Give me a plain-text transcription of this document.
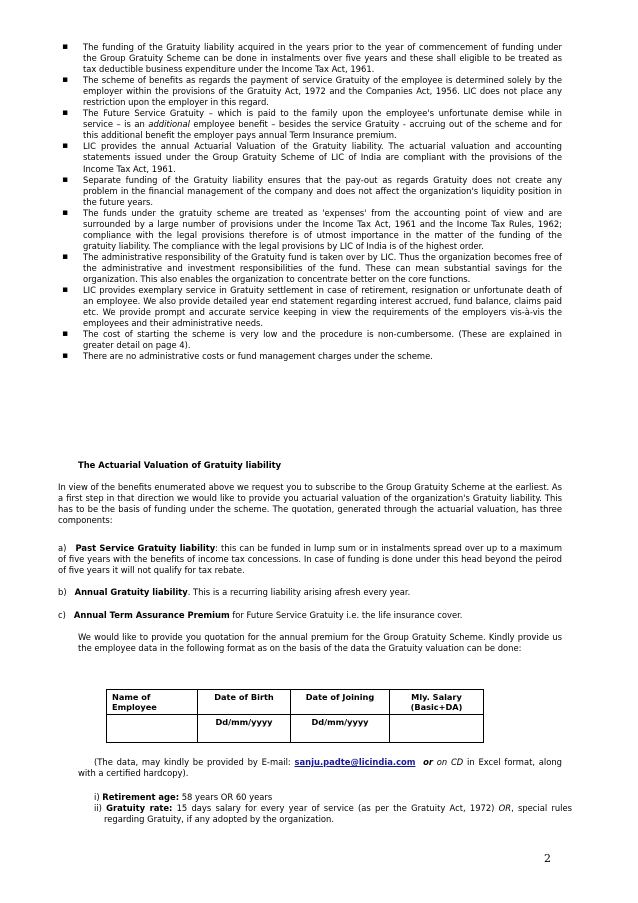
▪ The funding of the Gratuity liability acquired in the years prior to the year of commencement of funding under the Group Gratuity Scheme can be done in instalments over five years and these shall eligible to be treated as tax deductible business expenditure under the Income Tax Act, 1961.
▪ The scheme of benefits as regards the payment of service Gratuity of the employee is determined solely by the employer within the provisions of the Gratuity Act, 1972 and the Companies Act, 1956. LIC does not place any restriction upon the employer in this regard.
▪ The Future Service Gratuity – which is paid to the family upon the employee's unfortunate demise while in service – is an additional employee benefit – besides the service Gratuity - accruing out of the scheme and for this additional benefit the employer pays annual Term Insurance premium.
▪ LIC provides the annual Actuarial Valuation of the Gratuity liability. The actuarial valuation and accounting statements issued under the Group Gratuity Scheme of LIC of India are compliant with the provisions of the Income Tax Act, 1961.
▪ Separate funding of the Gratuity liability ensures that the pay-out as regards Gratuity does not create any problem in the financial management of the company and does not affect the organization's liquidity position in the future years.
▪ The funds under the gratuity scheme are treated as 'expenses' from the accounting point of view and are surrounded by a large number of provisions under the Income Tax Act, 1961 and the Income Tax Rules, 1962; compliance with the legal provisions therefore is of utmost importance in the matter of the funding of the gratuity liability. The compliance with the legal provisions by LIC of India is of the highest order.
▪ The administrative responsibility of the Gratuity fund is taken over by LIC. Thus the organization becomes free of the administrative and investment responsibilities of the fund. These can mean substantial savings for the organization. This also enables the organization to concentrate better on the core functions.
▪ LIC provides exemplary service in Gratuity settlement in case of retirement, resignation or unfortunate death of an employee. We also provide detailed year end statement regarding interest accrued, fund balance, claims paid etc. We provide prompt and accurate service keeping in view the requirements of the employers vis-à-vis the employees and their administrative needs.
▪ The cost of starting the scheme is very low and the procedure is non-cumbersome. (These are explained in greater detail on page 4).
▪ There are no administrative costs or fund management charges under the scheme.
The Actuarial Valuation of Gratuity liability
In view of the benefits enumerated above we request you to subscribe to the Group Gratuity Scheme at the earliest. As a first step in that direction we would like to provide you actuarial valuation of the organization's Gratuity liability. This has to be the basis of funding under the scheme. The quotation, generated through the actuarial valuation, has three components:
a) Past Service Gratuity liability: this can be funded in lump sum or in instalments spread over up to a maximum of five years with the benefits of income tax concessions. In case of funding is done under this head beyond the peirod of five years it will not qualify for tax rebate.
b) Annual Gratuity liability. This is a recurring liability arising afresh every year.
c) Annual Term Assurance Premium for Future Service Gratuity i.e. the life insurance cover.
We would like to provide you quotation for the annual premium for the Group Gratuity Scheme. Kindly provide us the employee data in the following format as on the basis of the data the Gratuity valuation can be done:
Name of Employee	Date of Birth	Date of Joining	Mly. Salary (Basic+DA)
	Dd/mm/yyyy	Dd/mm/yyyy	
(The data, may kindly be provided by E-mail: sanju.padte@licindia.com or on CD in Excel format, along with a certified hardcopy).
i) Retirement age: 58 years OR 60 years
ii) Gratuity rate: 15 days salary for every year of service (as per the Gratuity Act, 1972) OR, special rules regarding Gratuity, if any adopted by the organization.
2
